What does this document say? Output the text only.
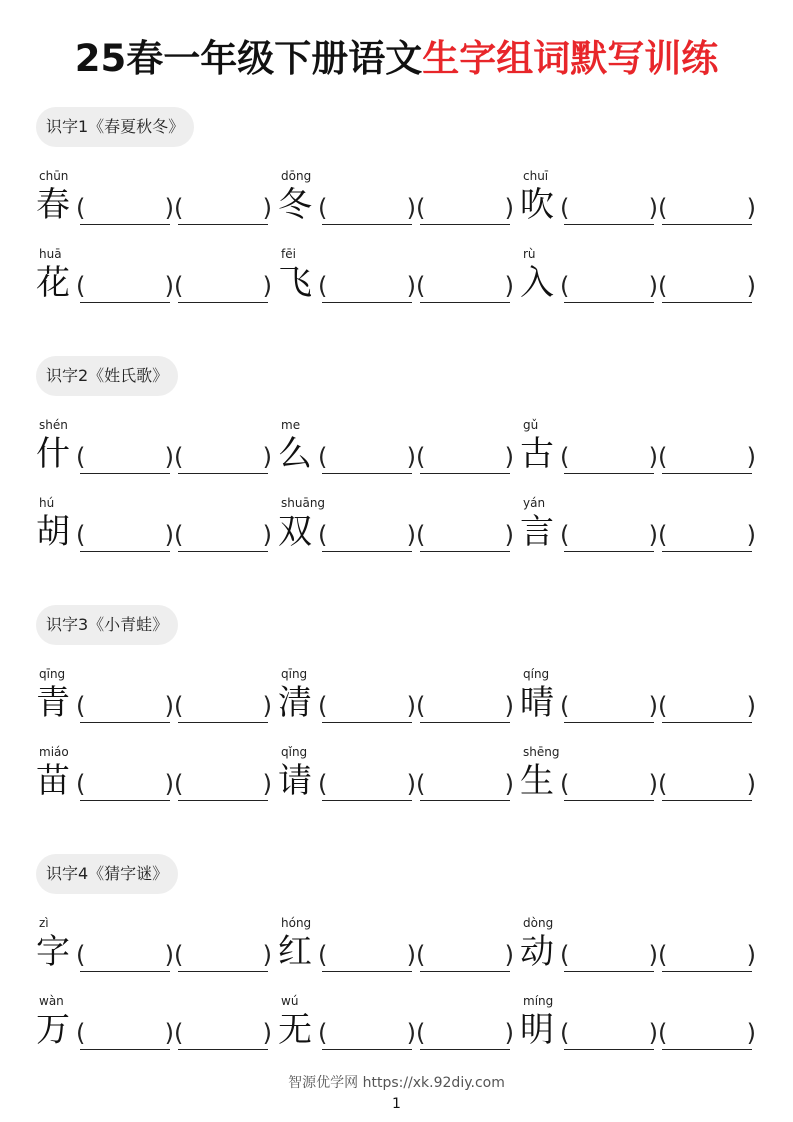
25春一年级下册语文生字组词默写训练
识字1《春夏秋冬》
chūn
春
( )
( )
dōng
冬
( )
( )
chuī
吹
( )
( )
huā
花
( )
( )
fēi
飞
( )
( )
rù
入
( )
( )
识字2《姓氏歌》
shén
什
( )
( )
me
么
( )
( )
gǔ
古
( )
( )
hú
胡
( )
( )
shuāng
双
( )
( )
yán
言
( )
( )
识字3《小青蛙》
qīng
青
( )
( )
qīng
清
( )
( )
qíng
晴
( )
( )
miáo
苗
( )
( )
qǐng
请
( )
( )
shēng
生
( )
( )
识字4《猜字谜》
zì
字
( )
( )
hóng
红
( )
( )
dòng
动
( )
( )
wàn
万
( )
( )
wú
无
( )
( )
míng
明
( )
( )
智源优学网 https://xk.92diy.com
1
